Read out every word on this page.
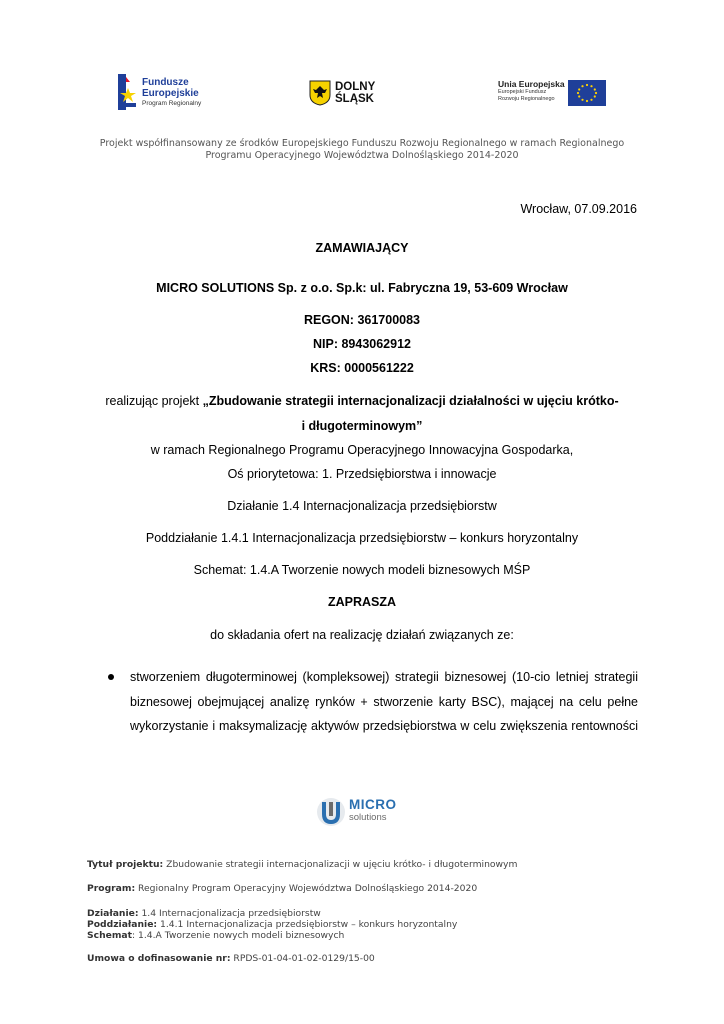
Fundusze
Europejskie
Program Regionalny
DOLNY
ŚLĄSK
Unia Europejska
Europejski Fundusz
Rozwoju Regionalnego
Projekt współfinansowany ze środków Europejskiego Funduszu Rozwoju Regionalnego w ramach Regionalnego
Programu Operacyjnego Województwa Dolnośląskiego 2014-2020
Wrocław, 07.09.2016
ZAMAWIAJĄCY
MICRO SOLUTIONS Sp. z o.o. Sp.k: ul. Fabryczna 19, 53-609 Wrocław
REGON: 361700083
NIP: 8943062912
KRS: 0000561222
realizując projekt „Zbudowanie strategii internacjonalizacji działalności w ujęciu krótko-
i długoterminowym”
w ramach Regionalnego Programu Operacyjnego Innowacyjna Gospodarka,
Oś priorytetowa: 1. Przedsiębiorstwa i innowacje
Działanie 1.4 Internacjonalizacja przedsiębiorstw
Poddziałanie 1.4.1 Internacjonalizacja przedsiębiorstw – konkurs horyzontalny
Schemat: 1.4.A Tworzenie nowych modeli biznesowych MŚP
ZAPRASZA
do składania ofert na realizację działań związanych ze:
stworzeniem długoterminowej (kompleksowej) strategii biznesowej (10-cio letniej strategii
biznesowej obejmującej analizę rynków + stworzenie karty BSC), mającej na celu pełne
wykorzystanie i maksymalizację aktywów przedsiębiorstwa w celu zwiększenia rentowności
MICRO
solutions
Tytuł projektu: Zbudowanie strategii internacjonalizacji w ujęciu krótko- i długoterminowym
Program: Regionalny Program Operacyjny Województwa Dolnośląskiego 2014-2020
Działanie: 1.4 Internacjonalizacja przedsiębiorstw
Poddziałanie: 1.4.1 Internacjonalizacja przedsiębiorstw – konkurs horyzontalny
Schemat: 1.4.A Tworzenie nowych modeli biznesowych
Umowa o dofinasowanie nr: RPDS-01-04-01-02-0129/15-00
